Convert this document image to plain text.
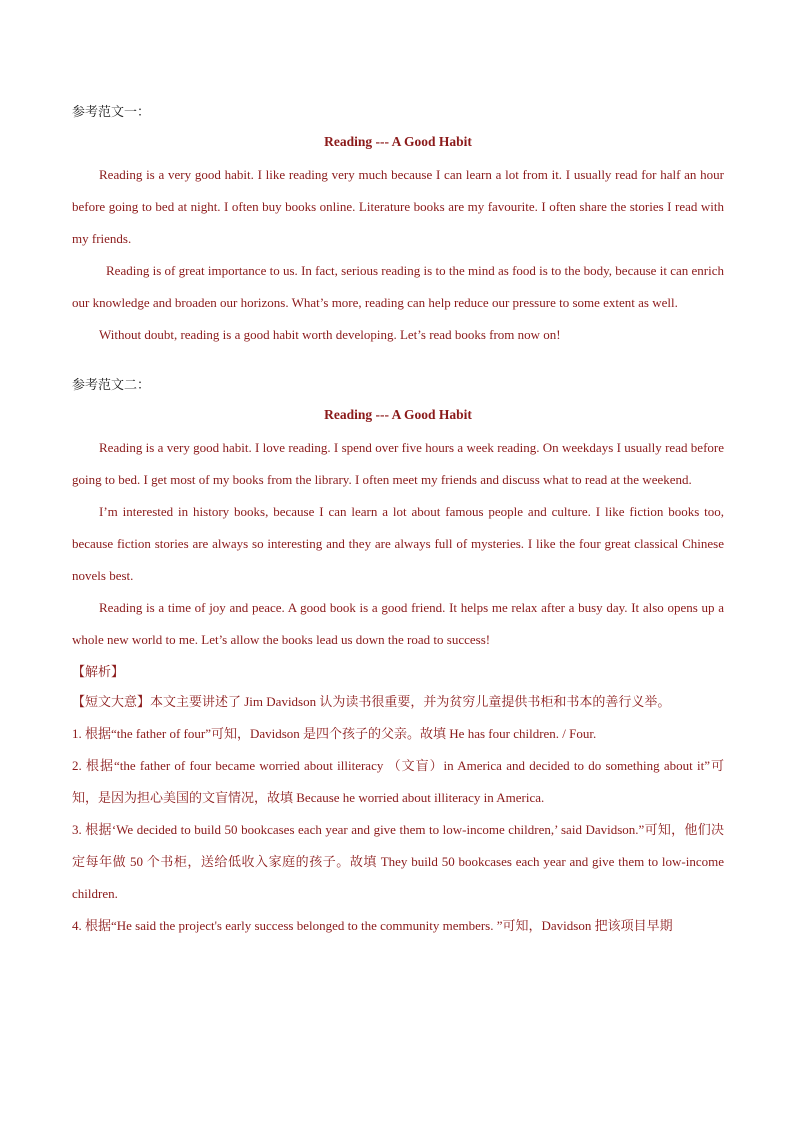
参考范文一：

Reading --- A Good Habit

Reading is a very good habit. I like reading very much because I can learn a lot from it. I usually read for half an hour before going to bed at night. I often buy books online. Literature books are my favourite. I often share the stories I read with my friends.

Reading is of great importance to us. In fact, serious reading is to the mind as food is to the body, because it can enrich our knowledge and broaden our horizons. What’s more, reading can help reduce our pressure to some extent as well.

Without doubt, reading is a good habit worth developing. Let’s read books from now on!

参考范文二：

Reading --- A Good Habit

Reading is a very good habit. I love reading. I spend over five hours a week reading. On weekdays I usually read before going to bed. I get most of my books from the library. I often meet my friends and discuss what to read at the weekend.

I’m interested in history books, because I can learn a lot about famous people and culture. I like fiction books too, because fiction stories are always so interesting and they are always full of mysteries. I like the four great classical Chinese novels best.

Reading is a time of joy and peace. A good book is a good friend. It helps me relax after a busy day. It also opens up a whole new world to me. Let’s allow the books lead us down the road to success!

【解析】

【短文大意】本文主要讲述了 Jim Davidson 认为读书很重要，并为贫穷儿童提供书柜和书本的善行义举。

1. 根据“the father of four”可知，Davidson 是四个孩子的父亲。故填 He has four children. / Four.

2. 根据“the father of four became worried about illiteracy （文盲）in America and decided to do something about it”可知，是因为担心美国的文盲情况，故填 Because he worried about illiteracy in America.

3. 根据‘We decided to build 50 bookcases each year and give them to low-income children,’ said Davidson.”可知，他们决定每年做 50 个书柜，送给低收入家庭的孩子。故填 They build 50 bookcases each year and give them to low-income children.

4. 根据“He said the project's early success belonged to the community members. ”可知，Davidson 把该项目早期
